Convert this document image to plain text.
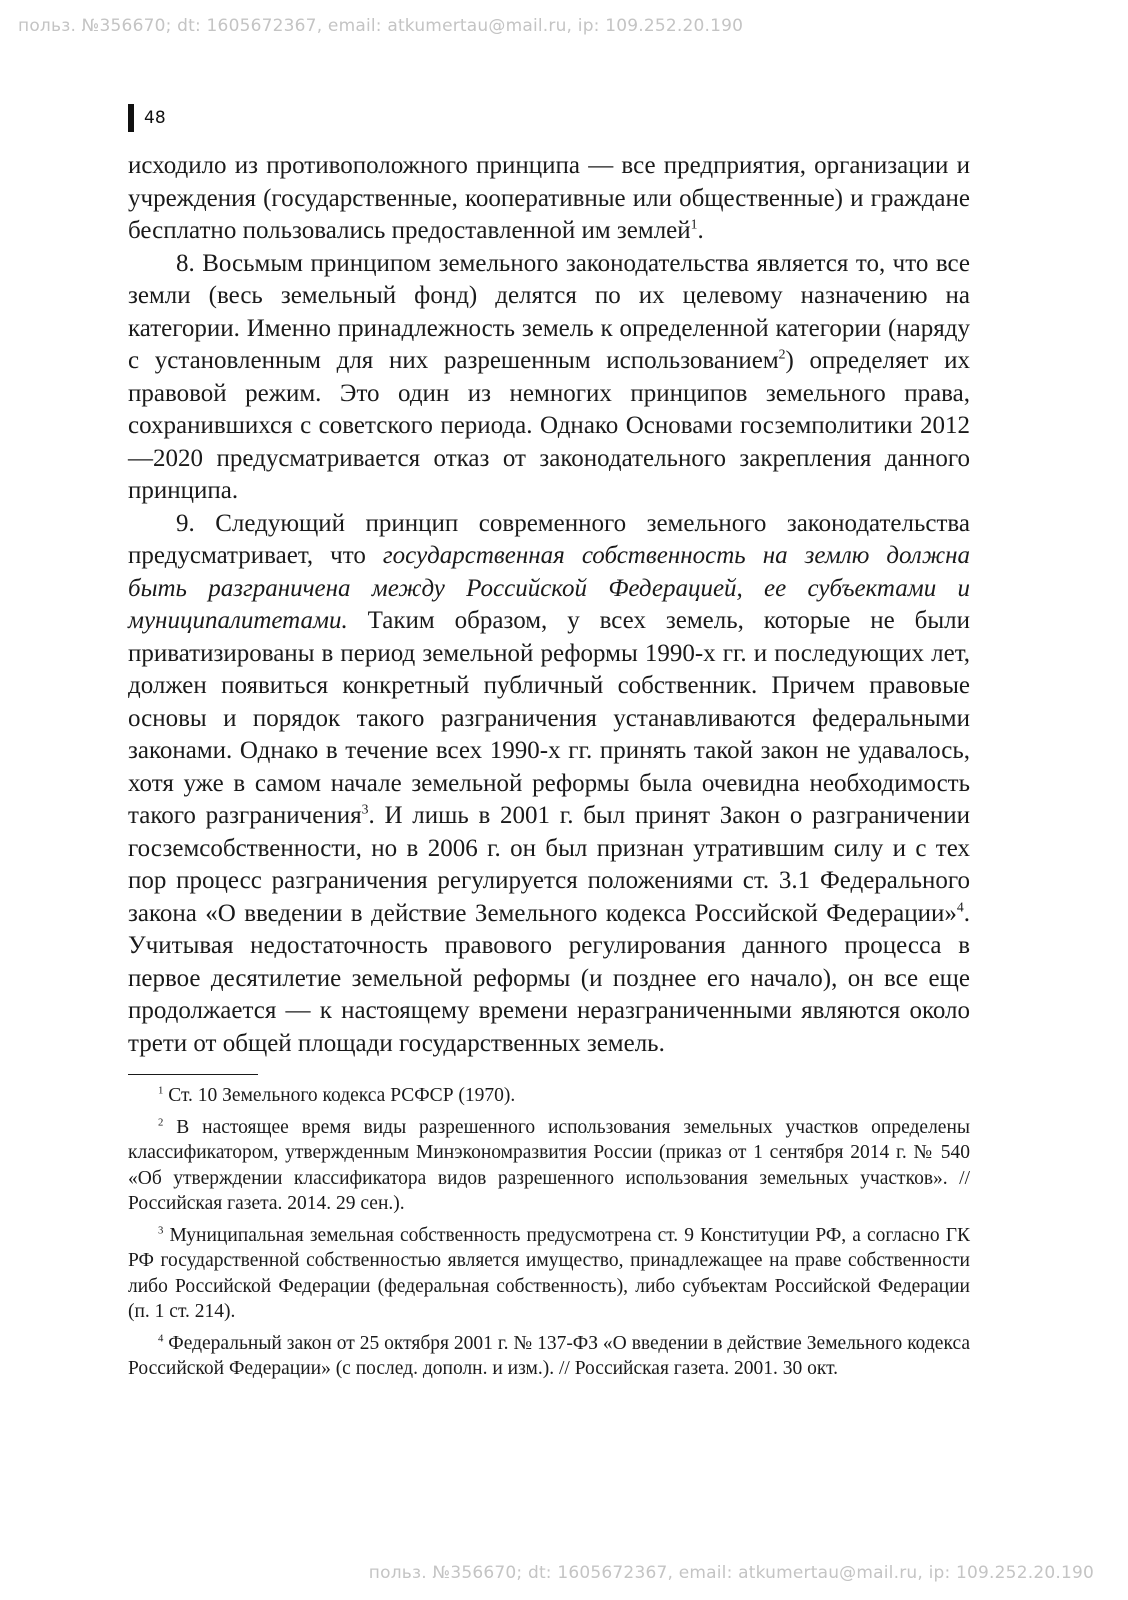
польз. №356670; dt: 1605672367, email: atkumertau@mail.ru, ip: 109.252.20.190
48

исходило из противоположного принципа — все предприятия, организации и учреждения (государственные, кооперативные или общественные) и граждане бесплатно пользовались предоставленной им землей$^1$.

8. Восьмым принципом земельного законодательства является то, что все земли (весь земельный фонд) делятся по их целевому назначению на категории. Именно принадлежность земель к определенной категории (наряду с установленным для них разрешенным использованием$^2$) определяет их правовой режим. Это один из немногих принципов земельного права, сохранившихся с советского периода. Однако Основами госземполитики 2012—2020 предусматривается отказ от законодательного закрепления данного принципа.

9. Следующий принцип современного земельного законодательства предусматривает, что государственная собственность на землю должна быть разграничена между Российской Федерацией, ее субъектами и муниципалитетами. Таким образом, у всех земель, которые не были приватизированы в период земельной реформы 1990-х гг. и последующих лет, должен появиться конкретный публичный собственник. Причем правовые основы и порядок такого разграничения устанавливаются федеральными законами. Однако в течение всех 1990-х гг. принять такой закон не удавалось, хотя уже в самом начале земельной реформы была очевидна необходимость такого разграничения$^3$. И лишь в 2001 г. был принят Закон о разграничении госземсобственности, но в 2006 г. он был признан утратившим силу и с тех пор процесс разграничения регулируется положениями ст. 3.1 Федерального закона «О введении в действие Земельного кодекса Российской Федерации»$^4$. Учитывая недостаточность правового регулирования данного процесса в первое десятилетие земельной реформы (и позднее его начало), он все еще продолжается — к настоящему времени неразграниченными являются около трети от общей площади государственных земель.

$^1$ Ст. 10 Земельного кодекса РСФСР (1970).

$^2$ В настоящее время виды разрешенного использования земельных участков определены классификатором, утвержденным Минэкономразвития России (приказ от 1 сентября 2014 г. № 540 «Об утверждении классификатора видов разрешенного использования земельных участков». // Российская газета. 2014. 29 сен.).

$^3$ Муниципальная земельная собственность предусмотрена ст. 9 Конституции РФ, а согласно ГК РФ государственной собственностью является имущество, принадлежащее на праве собственности либо Российской Федерации (федеральная собственность), либо субъектам Российской Федерации (п. 1 ст. 214).

$^4$ Федеральный закон от 25 октября 2001 г. № 137-ФЗ «О введении в действие Земельного кодекса Российской Федерации» (с послед. дополн. и изм.). // Российская газета. 2001. 30 окт.

польз. №356670; dt: 1605672367, email: atkumertau@mail.ru, ip: 109.252.20.190
